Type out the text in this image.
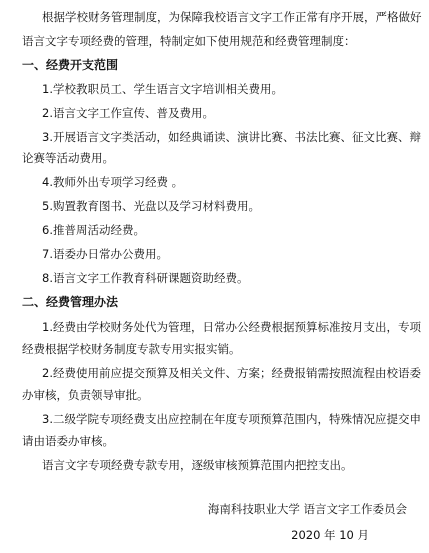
根据学校财务管理制度，为保障我校语言文字工作正常有序开展，严格做好
语言文字专项经费的管理，特制定如下使用规范和经费管理制度：
一、经费开支范围
1.学校教职员工、学生语言文字培训相关费用。
2.语言文字工作宣传、普及费用。
3.开展语言文字类活动，如经典诵读、演讲比赛、书法比赛、征文比赛、辩
论赛等活动费用。
4.教师外出专项学习经费 。
5.购置教育图书、光盘以及学习材料费用。
6.推普周活动经费。
7.语委办日常办公费用。
8.语言文字工作教育科研课题资助经费。
二、经费管理办法
1.经费由学校财务处代为管理，日常办公经费根据预算标准按月支出，专项
经费根据学校财务制度专款专用实报实销。
2.经费使用前应提交预算及相关文件、方案；经费报销需按照流程由校语委
办审核，负责领导审批。
3.二级学院专项经费支出应控制在年度专项预算范围内，特殊情况应提交申
请由语委办审核。
语言文字专项经费专款专用，逐级审核预算范围内把控支出。
海南科技职业大学 语言文字工作委员会
2020 年 10 月
